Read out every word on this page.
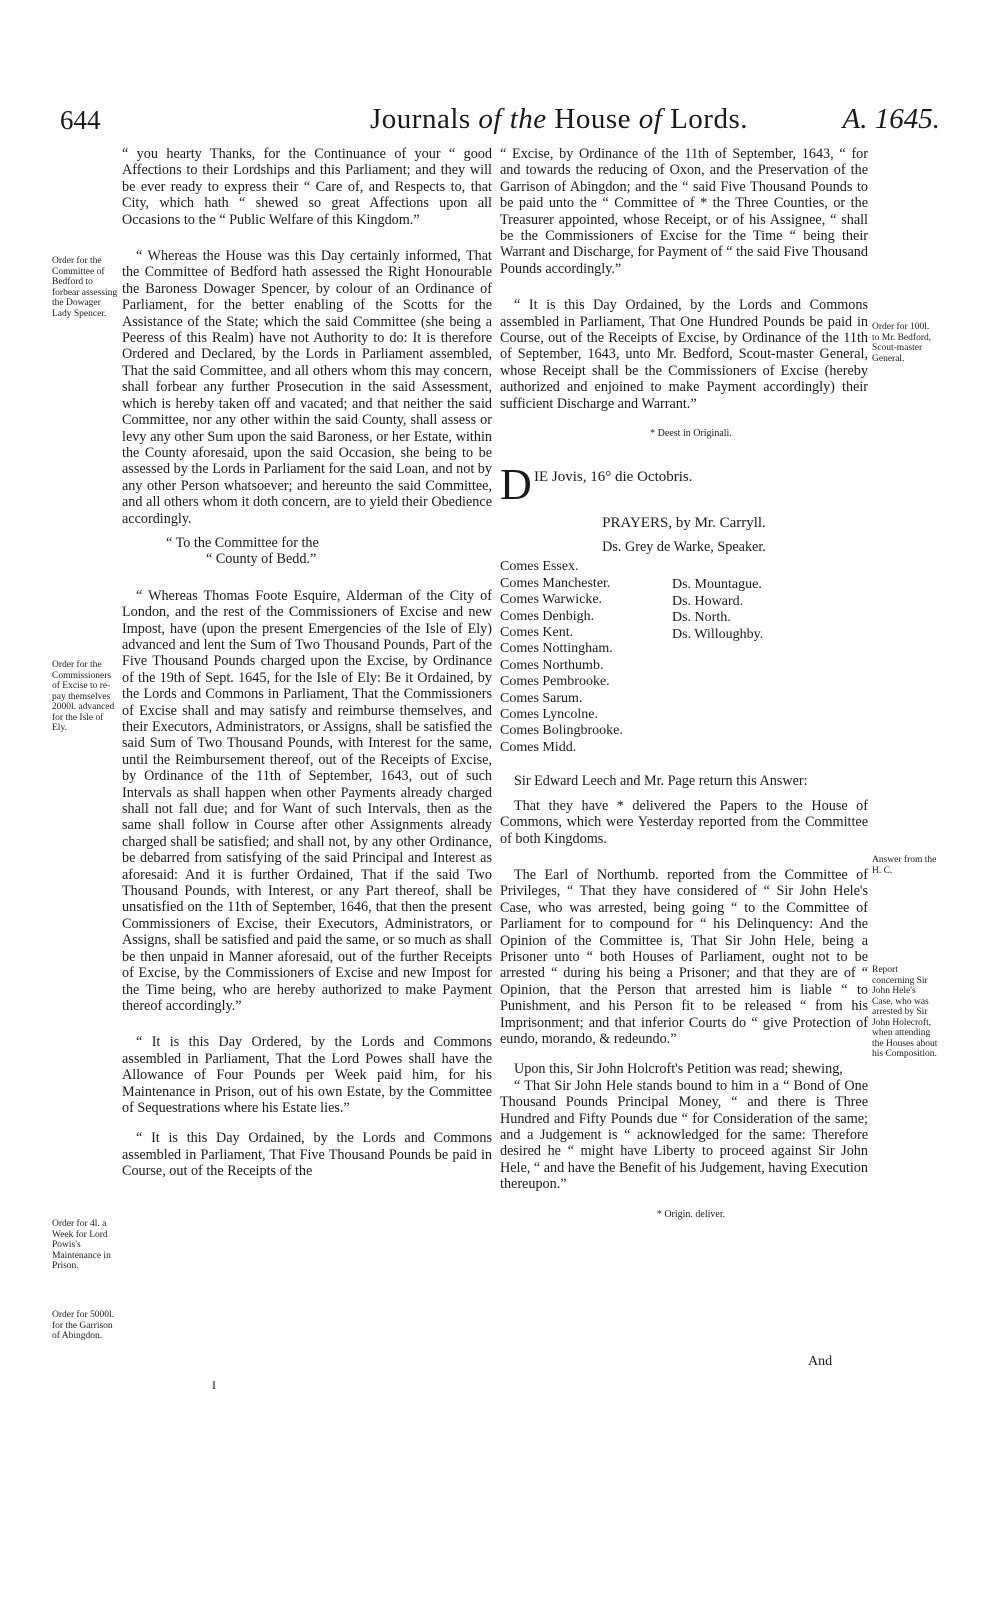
644	Journals of the House of Lords.	A. 1645.
Order for the Committee of Bedford to forbear assessing the Dowager Lady Spencer.
Order for the Commissioners of Excise to re-pay themselves 2000l. advanced for the Isle of Ely.
Order for 4l. a Week for Lord Powis's Maintenance in Prison.
Order for 5000l. for the Garrison of Abingdon.
Order for 100l. to Mr. Bedford, Scout-master General.
Answer from the H. C.
Report concerning Sir John Hele's Case, who was arrested by Sir John Holecroft, when attending the Houses about his Composition.

“ you hearty Thanks, for the Continuance of your “ good Affections to their Lordships and this Parliament; and they will be ever ready to express their “ Care of, and Respects to, that City, which hath “ shewed so great Affections upon all Occasions to the “ Public Welfare of this Kingdom.”

“ Whereas the House was this Day certainly informed, That the Committee of Bedford hath assessed the Right Honourable the Baroness Dowager Spencer, by colour of an Ordinance of Parliament, for the better enabling of the Scotts for the Assistance of the State; which the said Committee (she being a Peeress of this Realm) have not Authority to do: It is therefore Ordered and Declared, by the Lords in Parliament assembled, That the said Committee, and all others whom this may concern, shall forbear any further Prosecution in the said Assessment, which is hereby taken off and vacated; and that neither the said Committee, nor any other within the said County, shall assess or levy any other Sum upon the said Baroness, or her Estate, within the County aforesaid, upon the said Occasion, she being to be assessed by the Lords in Parliament for the said Loan, and not by any other Person whatsoever; and hereunto the said Committee, and all others whom it doth concern, are to yield their Obedience accordingly.

“ To the Committee for the

“ County of Bedd.”

“ Whereas Thomas Foote Esquire, Alderman of the City of London, and the rest of the Commissioners of Excise and new Impost, have (upon the present Emergencies of the Isle of Ely) advanced and lent the Sum of Two Thousand Pounds, Part of the Five Thousand Pounds charged upon the Excise, by Ordinance of the 19th of Sept. 1645, for the Isle of Ely: Be it Ordained, by the Lords and Commons in Parliament, That the Commissioners of Excise shall and may satisfy and reimburse themselves, and their Executors, Administrators, or Assigns, shall be satisfied the said Sum of Two Thousand Pounds, with Interest for the same, until the Reimbursement thereof, out of the Receipts of Excise, by Ordinance of the 11th of September, 1643, out of such Intervals as shall happen when other Payments already charged shall not fall due; and for Want of such Intervals, then as the same shall follow in Course after other Assignments already charged shall be satisfied; and shall not, by any other Ordinance, be debarred from satisfying of the said Principal and Interest as aforesaid: And it is further Ordained, That if the said Two Thousand Pounds, with Interest, or any Part thereof, shall be unsatisfied on the 11th of September, 1646, that then the present Commissioners of Excise, their Executors, Administrators, or Assigns, shall be satisfied and paid the same, or so much as shall be then unpaid in Manner aforesaid, out of the further Receipts of Excise, by the Commissioners of Excise and new Impost for the Time being, who are hereby authorized to make Payment thereof accordingly.”

“ It is this Day Ordered, by the Lords and Commons assembled in Parliament, That the Lord Powes shall have the Allowance of Four Pounds per Week paid him, for his Maintenance in Prison, out of his own Estate, by the Committee of Sequestrations where his Estate lies.”

“ It is this Day Ordained, by the Lords and Commons assembled in Parliament, That Five Thousand Pounds be paid in Course, out of the Receipts of the

“ Excise, by Ordinance of the 11th of September, 1643, “ for and towards the reducing of Oxon, and the Preservation of the Garrison of Abingdon; and the “ said Five Thousand Pounds to be paid unto the “ Committee of * the Three Counties, or the Treasurer appointed, whose Receipt, or of his Assignee, “ shall be the Commissioners of Excise for the Time “ being their Warrant and Discharge, for Payment of “ the said Five Thousand Pounds accordingly.”

“ It is this Day Ordained, by the Lords and Commons assembled in Parliament, That One Hundred Pounds be paid in Course, out of the Receipts of Excise, by Ordinance of the 11th of September, 1643, unto Mr. Bedford, Scout-master General, whose Receipt shall be the Commissioners of Excise (hereby authorized and enjoined to make Payment accordingly) their sufficient Discharge and Warrant.”

* Deest in Originali.

D IE Jovis, 16° die Octobris.

PRAYERS, by Mr. Carryll.

Ds. Grey de Warke, Speaker.

Comes Essex.
Comes Manchester.
Comes Warwicke.
Comes Denbigh.
Comes Kent.
Comes Nottingham.
Comes Northumb.
Comes Pembrooke.
Comes Sarum.
Comes Lyncolne.
Comes Bolingbrooke.
Comes Midd.
Ds. Mountague.
Ds. Howard.
Ds. North.
Ds. Willoughby.

Sir Edward Leech and Mr. Page return this Answer:

That they have * delivered the Papers to the House of Commons, which were Yesterday reported from the Committee of both Kingdoms.

The Earl of Northumb. reported from the Committee of Privileges, “ That they have considered of “ Sir John Hele's Case, who was arrested, being going “ to the Committee of Parliament for to compound for “ his Delinquency: And the Opinion of the Committee is, That Sir John Hele, being a Prisoner unto “ both Houses of Parliament, ought not to be arrested “ during his being a Prisoner; and that they are of “ Opinion, that the Person that arrested him is liable “ to Punishment, and his Person fit to be released “ from his Imprisonment; and that inferior Courts do “ give Protection of eundo, morando, & redeundo.”

Upon this, Sir John Holcroft's Petition was read; shewing,

“ That Sir John Hele stands bound to him in a “ Bond of One Thousand Pounds Principal Money, “ and there is Three Hundred and Fifty Pounds due “ for Consideration of the same; and a Judgement is “ acknowledged for the same: Therefore desired he “ might have Liberty to proceed against Sir John Hele, “ and have the Benefit of his Judgement, having Execution thereupon.”

* Origin. deliver.

I
And
